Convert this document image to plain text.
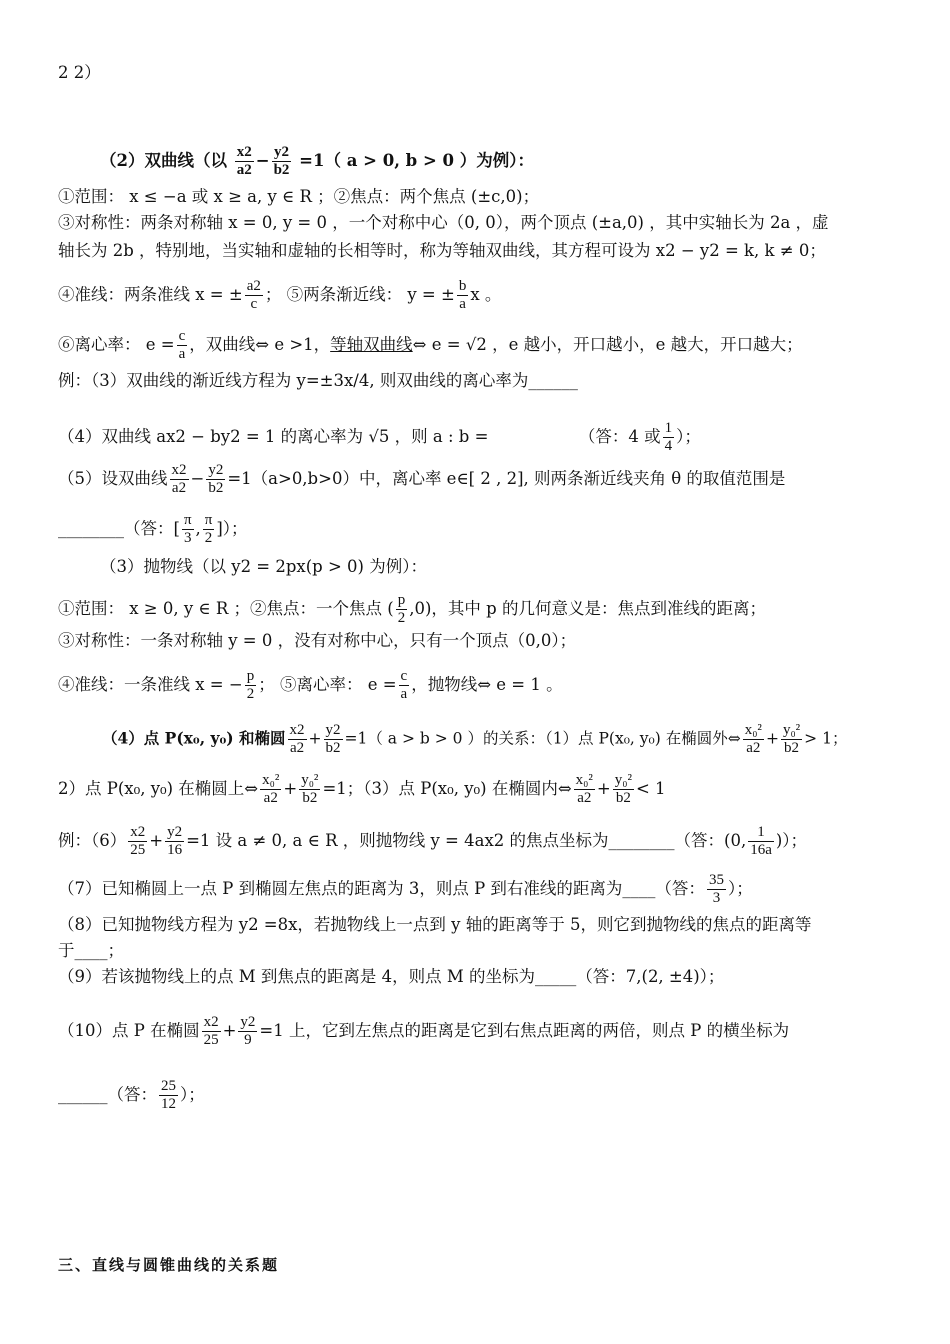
2 2）
（2）双曲线（以 $\frac{x2}{a2} - \frac{y2}{b2} =1$（ a > 0, b > 0 ）为例）：
①范围： x ≤ −a 或 x ≥ a, y ∈ R ；②焦点：两个焦点 (±c,0)；
③对称性：两条对称轴 x = 0, y = 0 ，一个对称中心（0, 0），两个顶点 (±a,0) ，其中实轴长为 2a ，虚
轴长为 2b ，特别地，当实轴和虚轴的长相等时，称为等轴双曲线，其方程可设为 x2 − y2 = k, k ≠ 0；
④准线：两条准线 x = ± $\frac{a2}{c}$ ； ⑤两条渐近线： y = ± $\frac{b}{a}$ x 。
⑥离心率： $e = \frac{c}{a}$ ，双曲线⇔ e >1，等轴双曲线⇔ e = √2 ，e 越小，开口越小，e 越大，开口越大；
例：（3）双曲线的渐近线方程为 y=±3x/4, 则双曲线的离心率为______
（4）双曲线 ax2 − by2 = 1 的离心率为 √5 ，则 a : b =	（答：4 或 $\frac{1}{4}$ ）；
（5）设双曲线 $\frac{x2}{a2} - \frac{y2}{b2} =1(a>0,b>0)$中，离心率 e∈[ 2 , 2], 则两条渐近线夹角 θ 的取值范围是
________（答：[ $\frac{\pi}{3}$ , $\frac{\pi}{2}$ ]）；
（3）抛物线（以 y2 = 2px(p > 0) 为例）：
①范围： x ≥ 0, y ∈ R ；②焦点：一个焦点 ( $\frac{p}{2} ,0$)，其中 p 的几何意义是：焦点到准线的距离；
③对称性：一条对称轴 y = 0 ，没有对称中心，只有一个顶点（0,0）；
④准线：一条准线 x = − $\frac{p}{2}$ ； ⑤离心率： $e = \frac{c}{a}$ ，抛物线⇔ e = 1 。
（4）点 P(x₀, y₀) 和椭圆 $\frac{x2}{a2} + \frac{y2}{b2} =1$（ a > b > 0 ）的关系：（1）点 P(x₀, y₀) 在椭圆外⇔ $\frac{\text{x₀²}}{a2} + \frac{\text{y₀²}}{b2} > 1$；
2）点 P(x₀, y₀) 在椭圆上⇔ $\frac{\text{x₀²}}{a2} + \frac{\text{y₀²}}{b2} =1$；（3）点 P(x₀, y₀) 在椭圆内⇔ $\frac{\text{x₀²}}{a2} + \frac{\text{y₀²}}{b2} < 1$
例：$(6) \frac{x2}{25} + \frac{y2}{16} =1$ 设 a ≠ 0, a ∈ R ，则抛物线 y = 4ax2 的焦点坐标为________（答：(0, $\frac{1}{16a}$ )）；
（7）已知椭圆上一点 P 到椭圆左焦点的距离为 3，则点 P 到右准线的距离为____（答： $\frac{35}{3}$ ）；
（8）已知抛物线方程为 y2 =8x，若抛物线上一点到 y 轴的距离等于 5，则它到抛物线的焦点的距离等
于____；
（9）若该抛物线上的点 M 到焦点的距离是 4，则点 M 的坐标为_____（答：7,(2, ±4)）；
（10）点 P 在椭圆 $\frac{x2}{25} + \frac{y2}{9} =1$ 上，它到左焦点的距离是它到右焦点距离的两倍，则点 P 的横坐标为
______（答： $\frac{25}{12}$ ）；
三、直线与圆锥曲线的关系题
